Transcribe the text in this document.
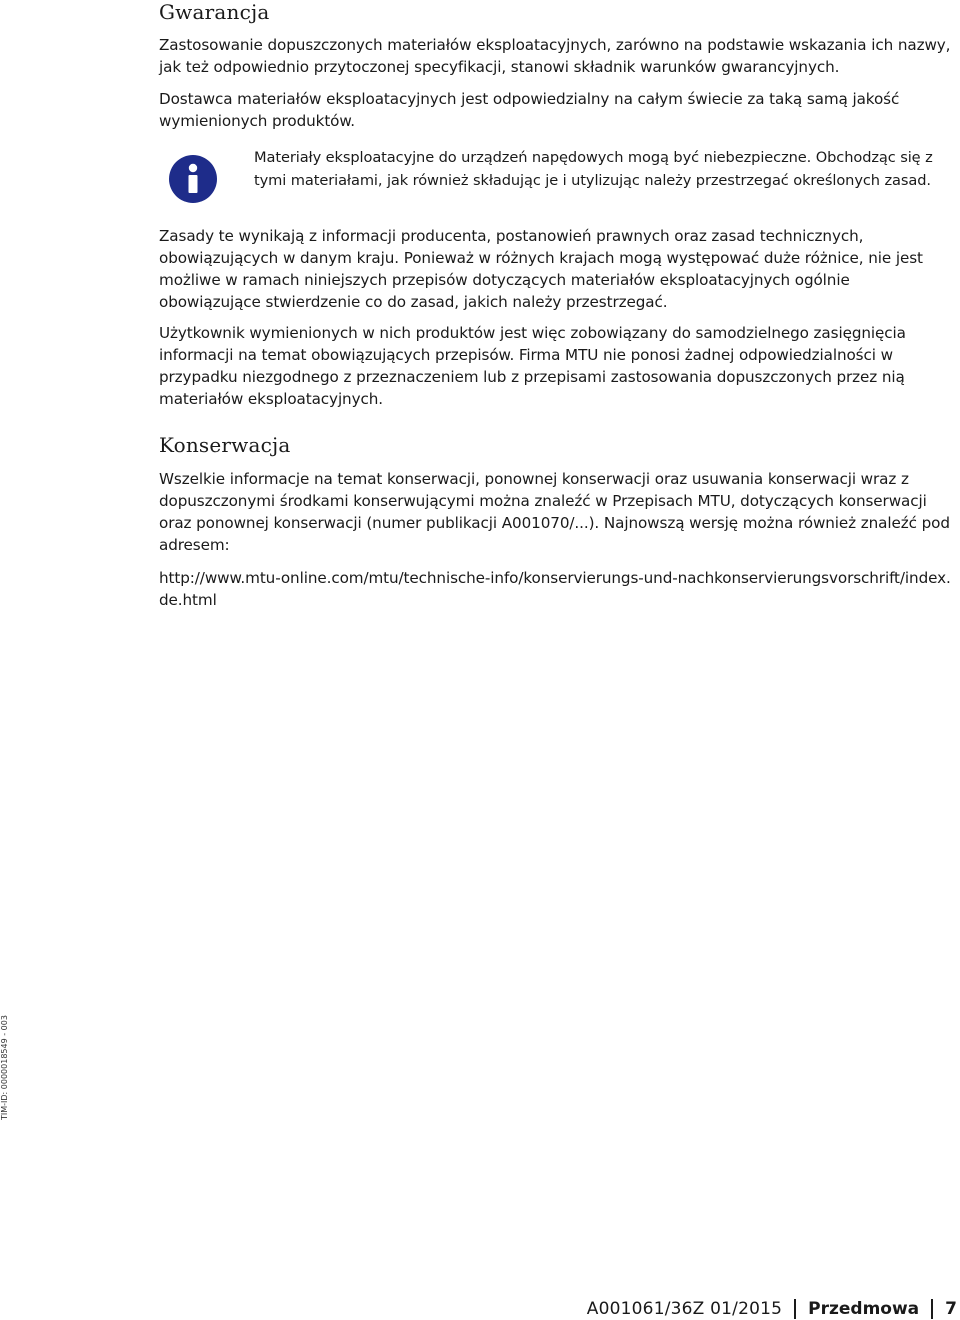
Gwarancja

Zastosowanie dopuszczonych materiałów eksploatacyjnych, zarówno na podstawie wskazania ich nazwy, jak też odpowiednio przytoczonej specyfikacji, stanowi składnik warunków gwarancyjnych.

Dostawca materiałów eksploatacyjnych jest odpowiedzialny na całym świecie za taką samą jakość wymienionych produktów.

Materiały eksploatacyjne do urządzeń napędowych mogą być niebezpieczne. Obchodząc się z tymi materiałami, jak również składując je i utylizując należy przestrzegać określonych zasad.

Zasady te wynikają z informacji producenta, postanowień prawnych oraz zasad technicznych, obowiązujących w danym kraju. Ponieważ w różnych krajach mogą występować duże różnice, nie jest możliwe w ramach niniejszych przepisów dotyczących materiałów eksploatacyjnych ogólnie obowiązujące stwierdzenie co do zasad, jakich należy przestrzegać.

Użytkownik wymienionych w nich produktów jest więc zobowiązany do samodzielnego zasięgnięcia informacji na temat obowiązujących przepisów. Firma MTU nie ponosi żadnej odpowiedzialności w przypadku niezgodnego z przeznaczeniem lub z przepisami zastosowania dopuszczonych przez nią materiałów eksploatacyjnych.

Konserwacja

Wszelkie informacje na temat konserwacji, ponownej konserwacji oraz usuwania konserwacji wraz z dopuszczonymi środkami konserwującymi można znaleźć w Przepisach MTU, dotyczących konserwacji oraz ponownej konserwacji (numer publikacji A001070/...). Najnowszą wersję można również znaleźć pod adresem:

http://www.mtu-online.com/mtu/technische-info/konservierungs-und-nachkonservierungsvorschrift/index.de.html

TIM-ID: 0000018549 - 003
A001061/36Z 01/2015 Przedmowa 7
